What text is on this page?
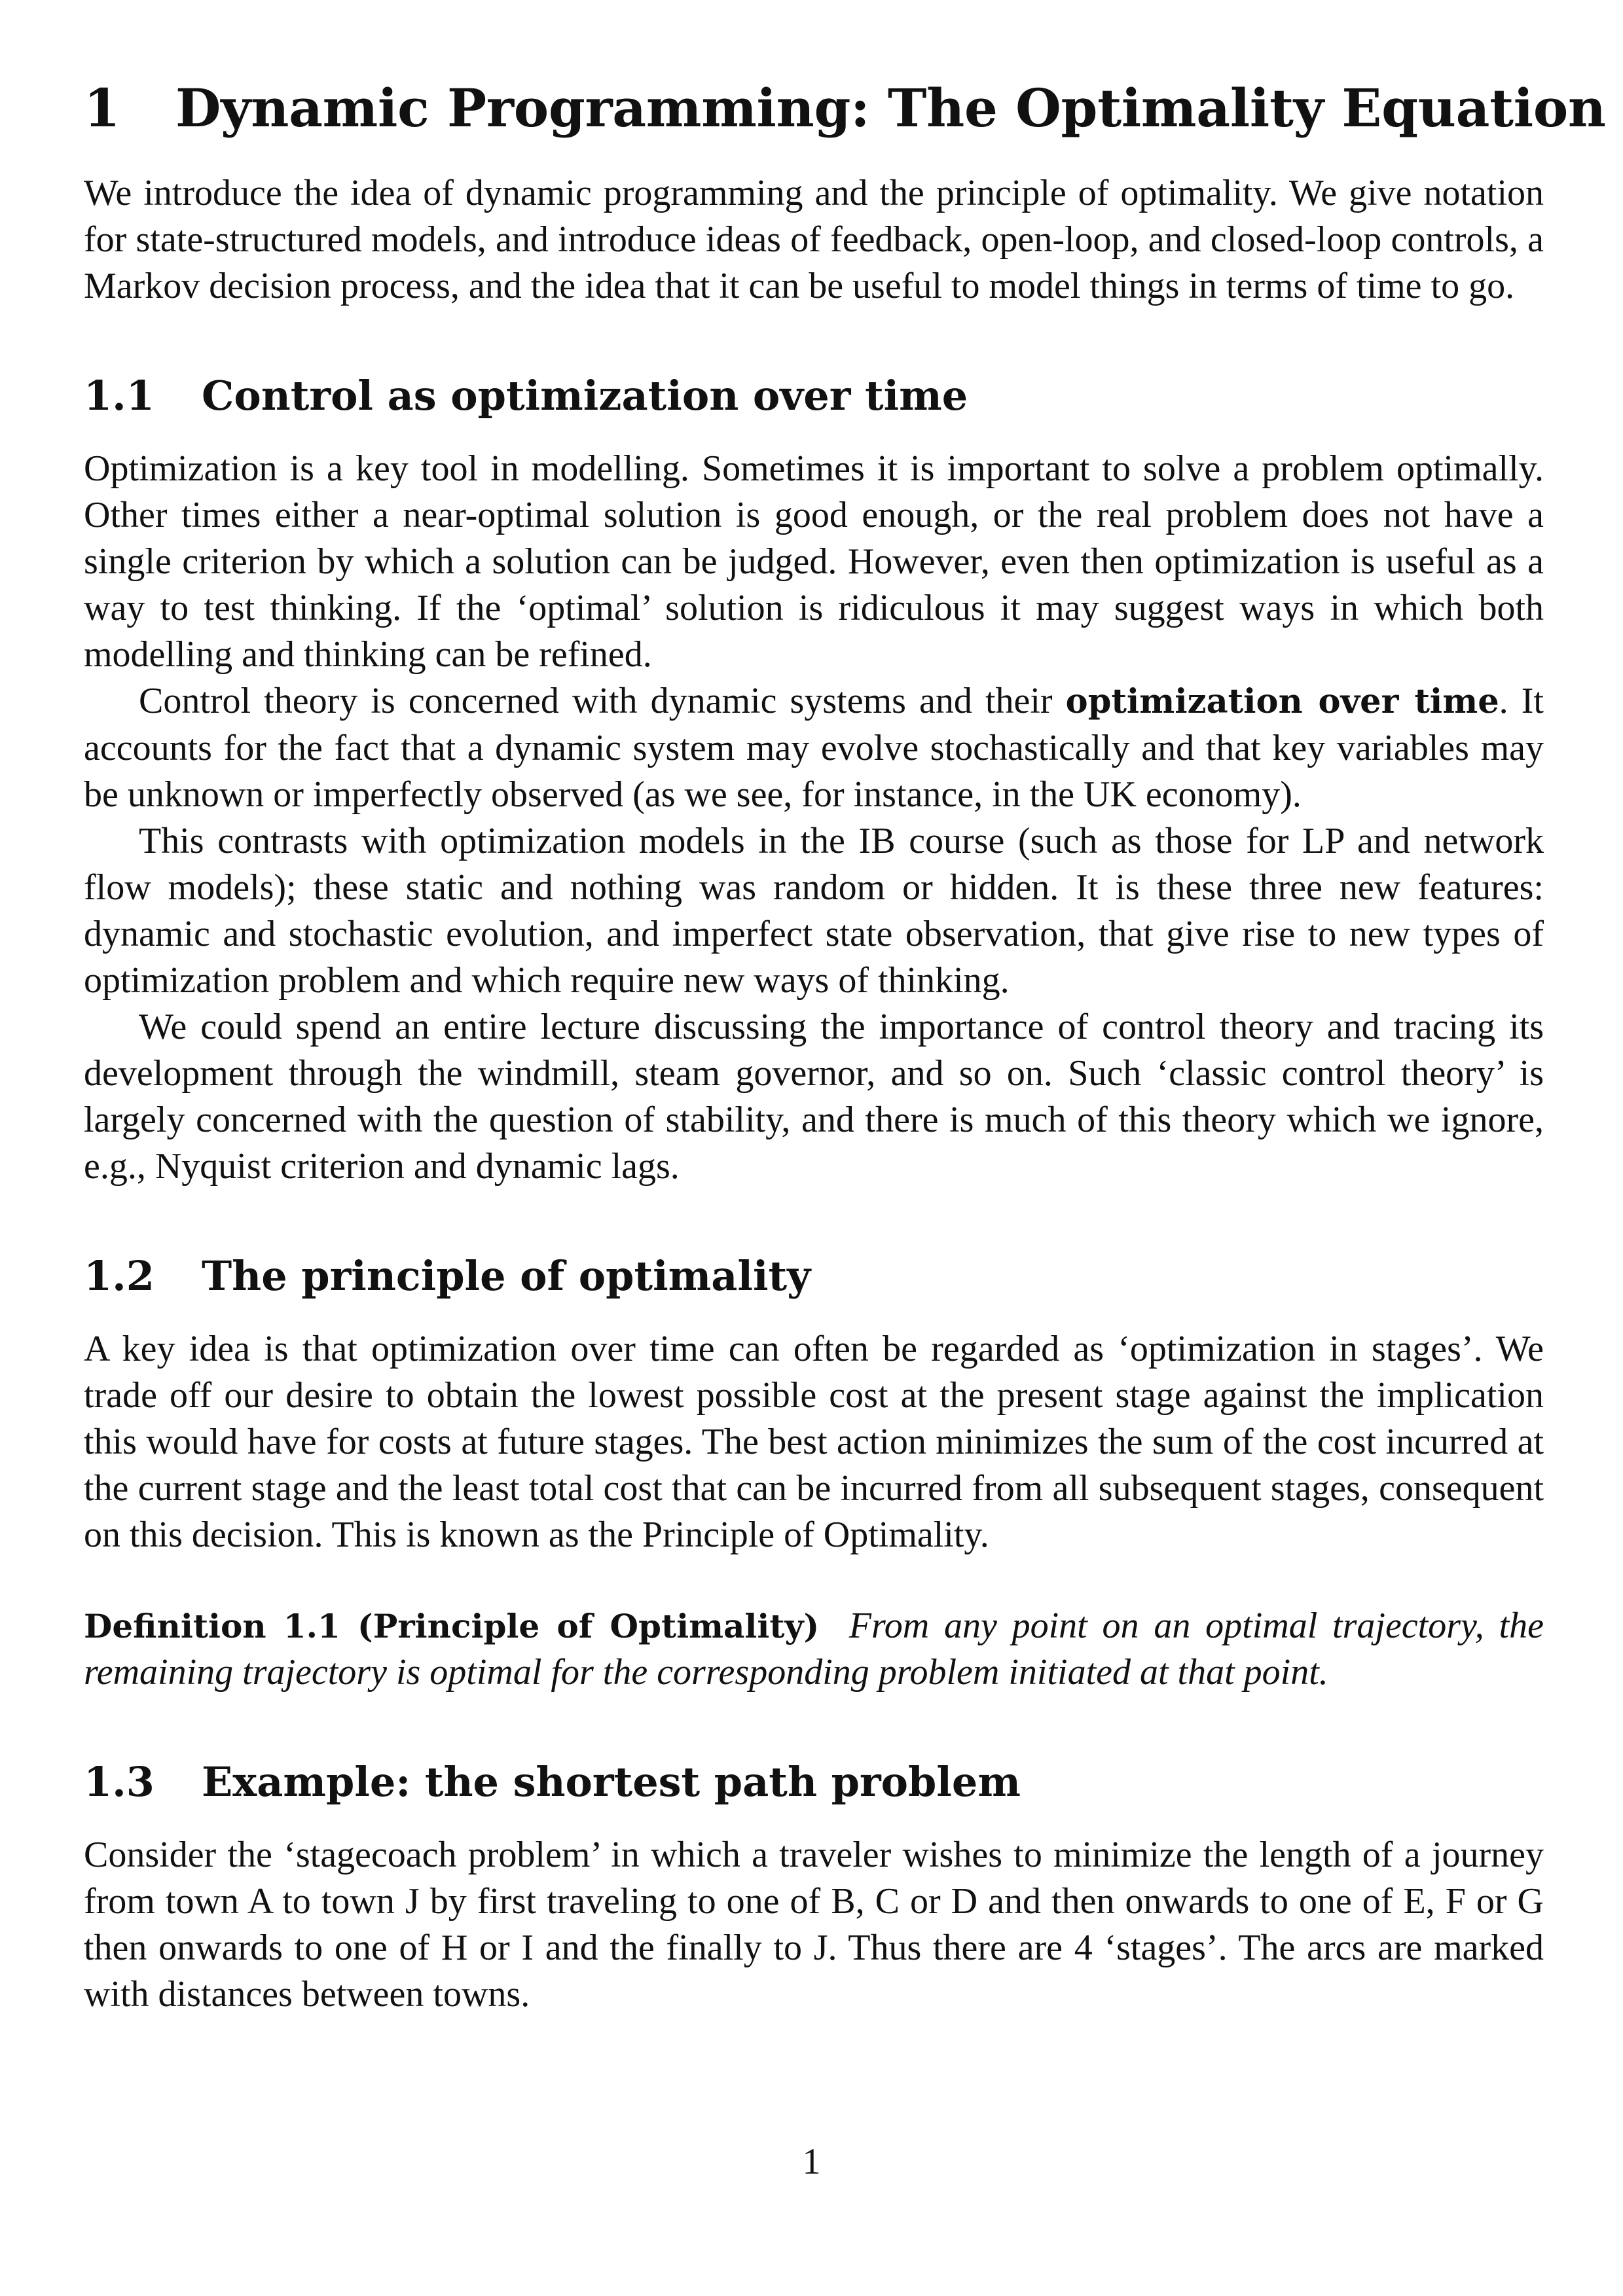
1 Dynamic Programming: The Optimality Equation

We introduce the idea of dynamic programming and the principle of optimality. We give notation for state-structured models, and introduce ideas of feedback, open-loop, and closed-loop controls, a Markov decision process, and the idea that it can be useful to model things in terms of time to go.

1.1 Control as optimization over time

Optimization is a key tool in modelling. Sometimes it is important to solve a problem optimally. Other times either a near-optimal solution is good enough, or the real problem does not have a single criterion by which a solution can be judged. However, even then optimization is useful as a way to test thinking. If the ‘optimal’ solution is ridiculous it may suggest ways in which both modelling and thinking can be refined.

Control theory is concerned with dynamic systems and their optimization over time. It accounts for the fact that a dynamic system may evolve stochastically and that key variables may be unknown or imperfectly observed (as we see, for instance, in the UK economy).

This contrasts with optimization models in the IB course (such as those for LP and network flow models); these static and nothing was random or hidden. It is these three new features: dynamic and stochastic evolution, and imperfect state observation, that give rise to new types of optimization problem and which require new ways of thinking.

We could spend an entire lecture discussing the importance of control theory and tracing its development through the windmill, steam governor, and so on. Such ‘classic control theory’ is largely concerned with the question of stability, and there is much of this theory which we ignore, e.g., Nyquist criterion and dynamic lags.

1.2 The principle of optimality

A key idea is that optimization over time can often be regarded as ‘optimization in stages’. We trade off our desire to obtain the lowest possible cost at the present stage against the implication this would have for costs at future stages. The best action minimizes the sum of the cost incurred at the current stage and the least total cost that can be incurred from all subsequent stages, consequent on this decision. This is known as the Principle of Optimality.

Definition 1.1 (Principle of Optimality) From any point on an optimal trajectory, the remaining trajectory is optimal for the corresponding problem initiated at that point.

1.3 Example: the shortest path problem

Consider the ‘stagecoach problem’ in which a traveler wishes to minimize the length of a journey from town A to town J by first traveling to one of B, C or D and then onwards to one of E, F or G then onwards to one of H or I and the finally to J. Thus there are 4 ‘stages’. The arcs are marked with distances between towns.

1
